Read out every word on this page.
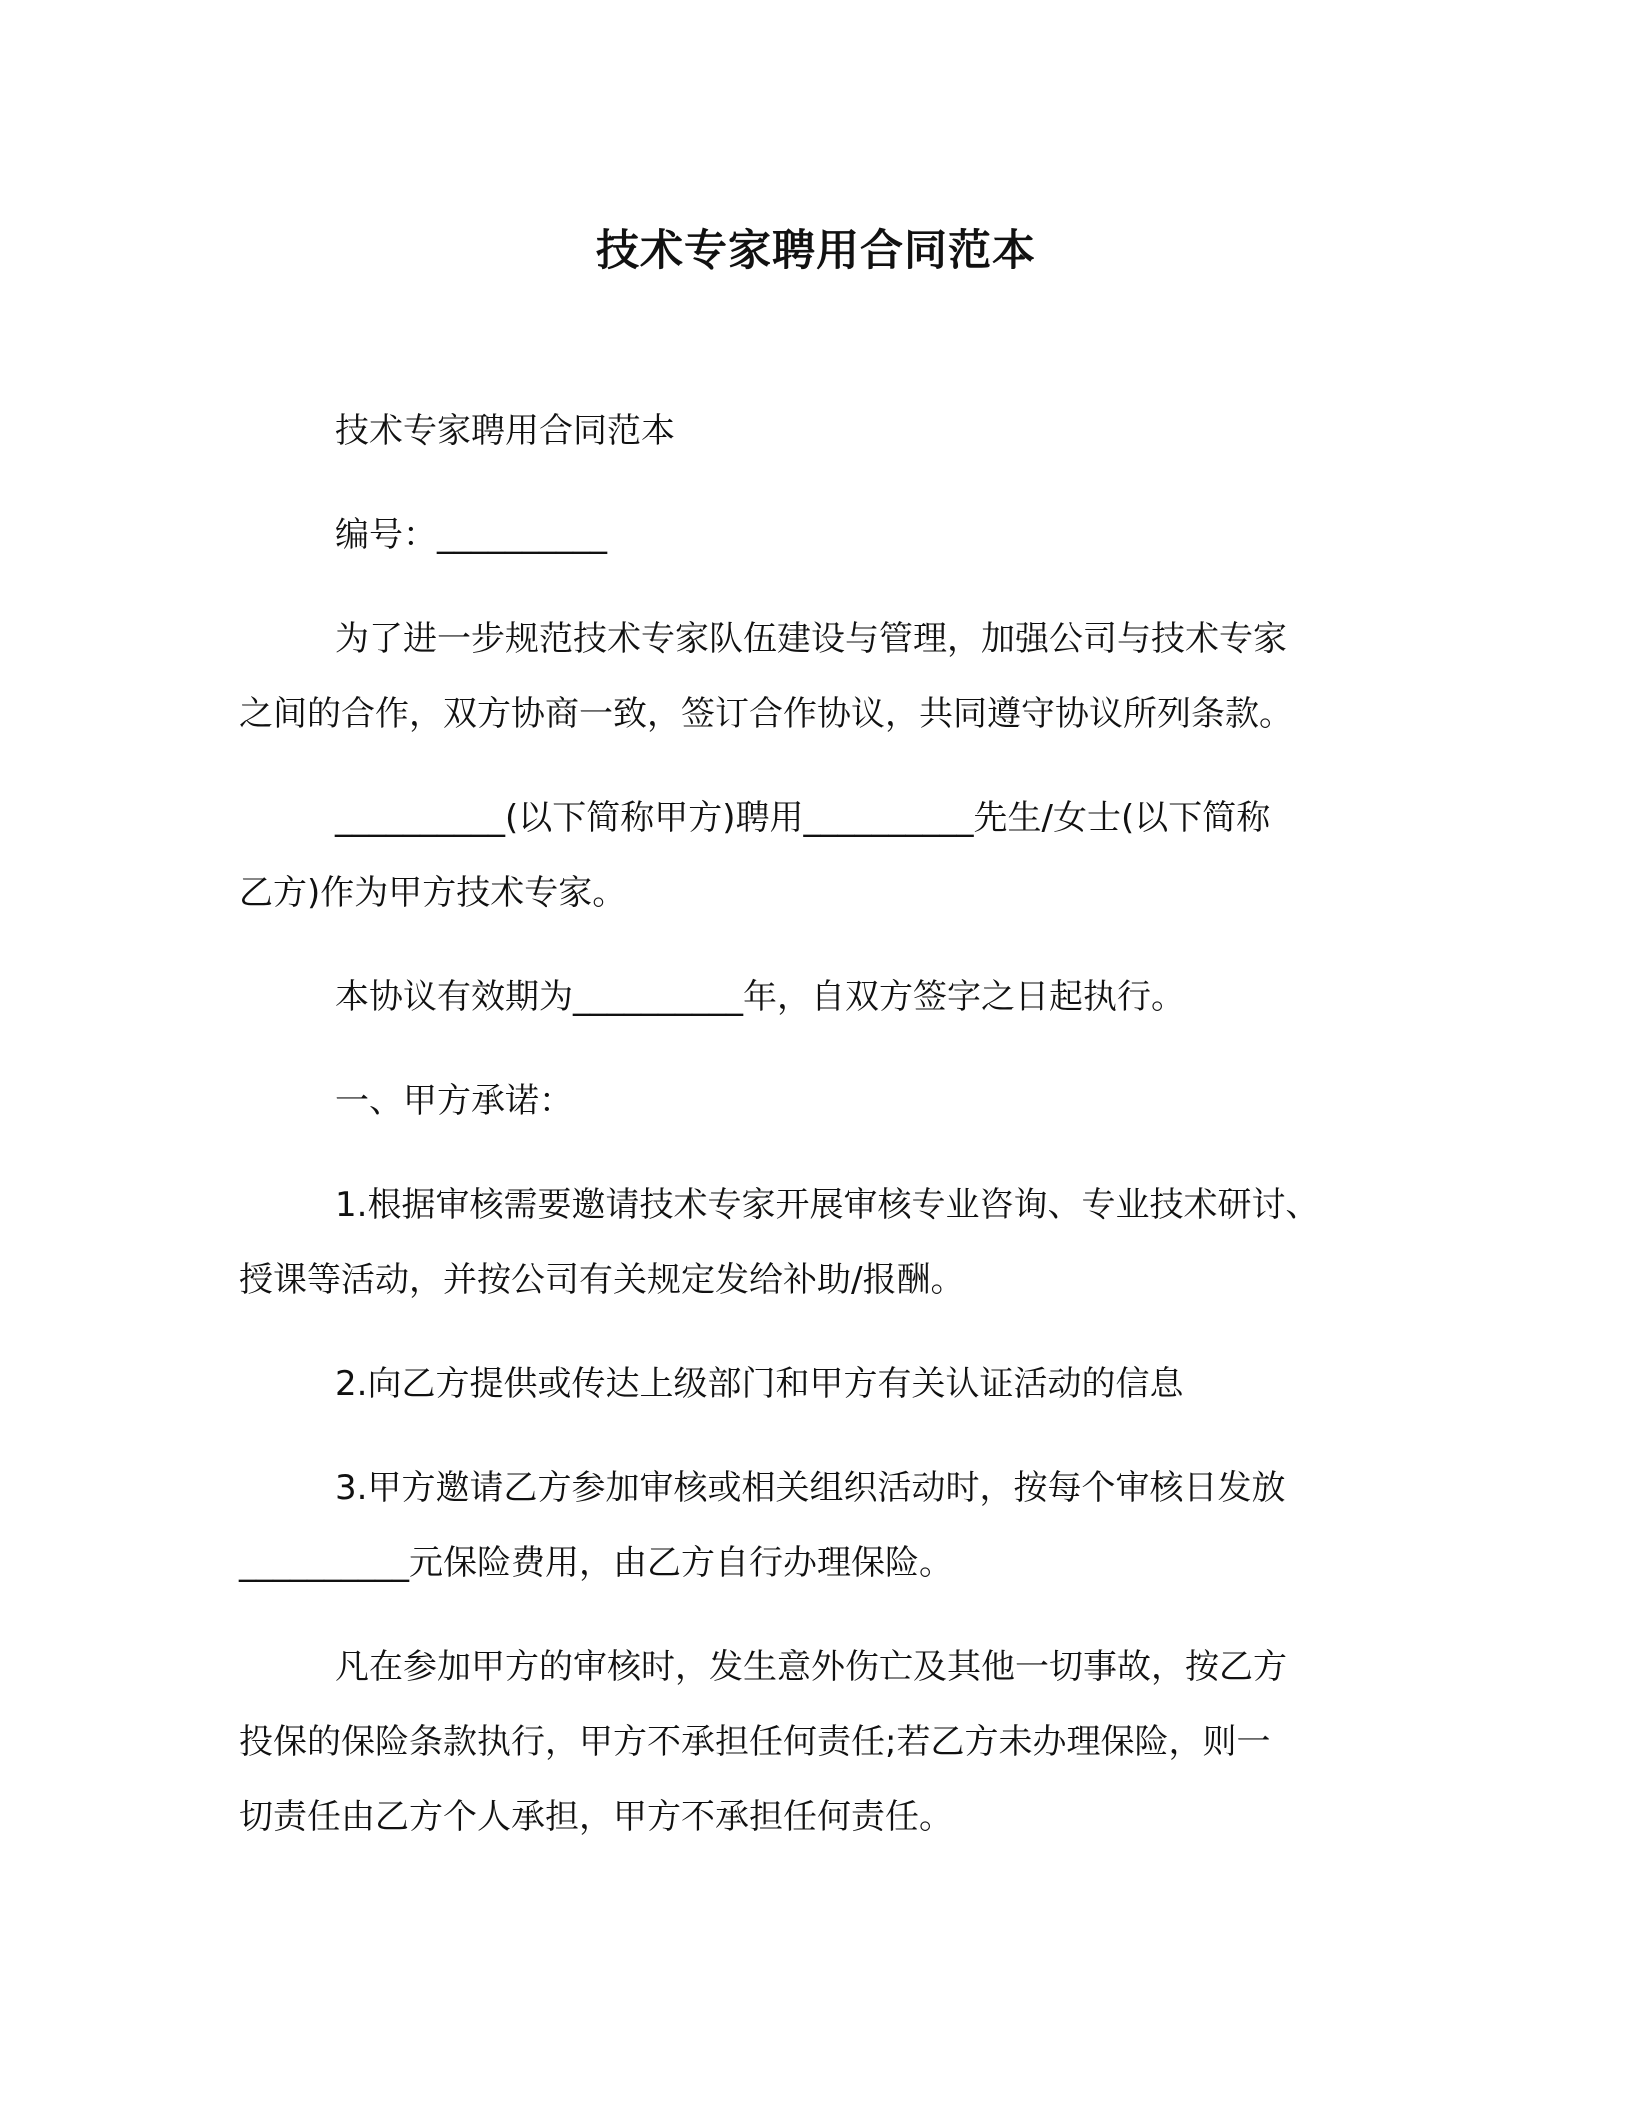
技术专家聘用合同范本
技术专家聘用合同范本
编号：__________
为了进一步规范技术专家队伍建设与管理，加强公司与技术专家
之间的合作，双方协商一致，签订合作协议，共同遵守协议所列条款。
__________(以下简称甲方)聘用__________先生/女士(以下简称
乙方)作为甲方技术专家。
本协议有效期为__________年，自双方签字之日起执行。
一、甲方承诺：
1.根据审核需要邀请技术专家开展审核专业咨询、专业技术研讨、
授课等活动，并按公司有关规定发给补助/报酬。
2.向乙方提供或传达上级部门和甲方有关认证活动的信息
3.甲方邀请乙方参加审核或相关组织活动时，按每个审核日发放
__________元保险费用，由乙方自行办理保险。
凡在参加甲方的审核时，发生意外伤亡及其他一切事故，按乙方
投保的保险条款执行，甲方不承担任何责任;若乙方未办理保险，则一
切责任由乙方个人承担，甲方不承担任何责任。
